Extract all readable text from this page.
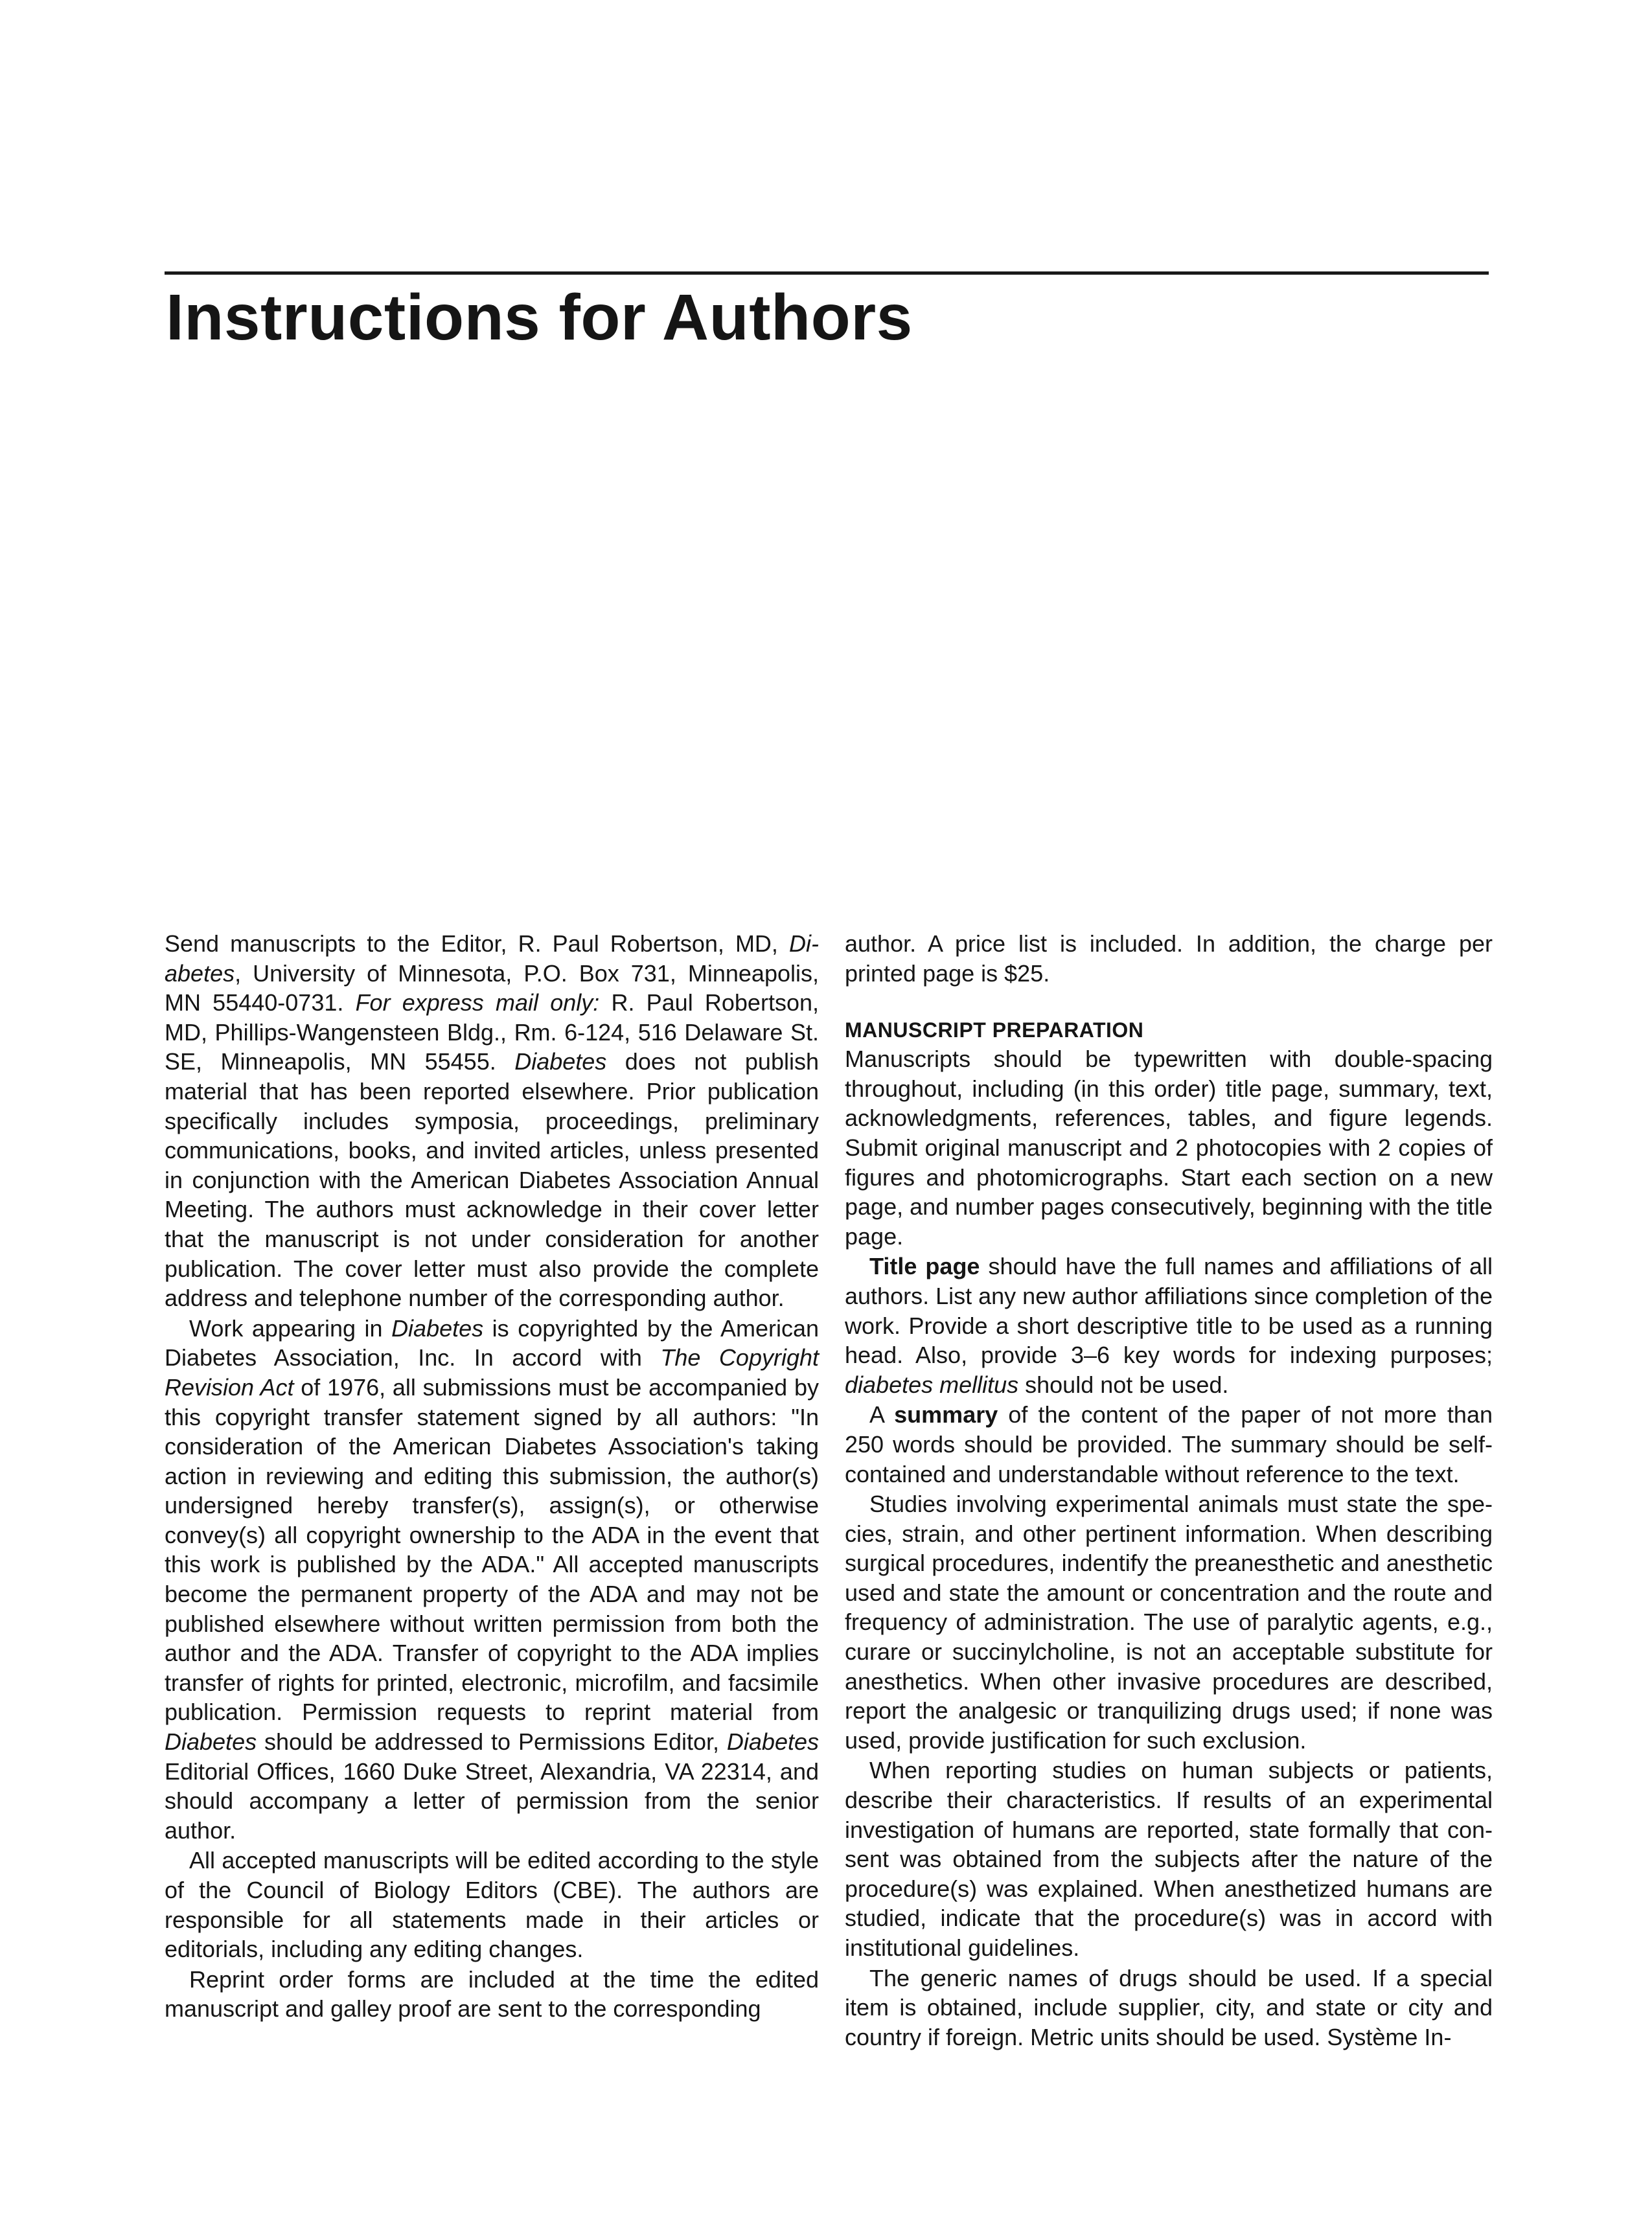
Instructions for Authors

Send manuscripts to the Editor, R. Paul Robertson, MD, Diabetes, University of Minnesota, P.O. Box 731, Minneapolis, MN 55440-0731. For express mail only: R. Paul Robertson, MD, Phillips-Wangensteen Bldg., Rm. 6-124, 516 Delaware St. SE, Minneapolis, MN 55455. Diabetes does not publish material that has been reported elsewhere. Prior publication specifically includes symposia, proceedings, preliminary communications, books, and invited articles, unless presented in conjunction with the American Diabetes Association Annual Meeting. The authors must acknowledge in their cover letter that the manuscript is not under consideration for another publication. The cover letter must also provide the complete address and telephone number of the corresponding author.

Work appearing in Diabetes is copyrighted by the American Diabetes Association, Inc. In accord with The Copyright Revision Act of 1976, all submissions must be accompanied by this copyright transfer statement signed by all authors: "In consideration of the American Diabetes Association's taking action in reviewing and editing this submission, the author(s) undersigned hereby transfer(s), assign(s), or otherwise convey(s) all copyright ownership to the ADA in the event that this work is published by the ADA." All accepted manuscripts become the permanent property of the ADA and may not be published elsewhere without written permission from both the author and the ADA. Transfer of copyright to the ADA implies transfer of rights for printed, electronic, microfilm, and facsimile publication. Permission requests to reprint material from Diabetes should be addressed to Permissions Editor, Diabetes Editorial Offices, 1660 Duke Street, Alexandria, VA 22314, and should accompany a letter of permission from the senior author.

All accepted manuscripts will be edited according to the style of the Council of Biology Editors (CBE). The authors are responsible for all statements made in their articles or editorials, including any editing changes.

Reprint order forms are included at the time the edited manuscript and galley proof are sent to the corresponding

author. A price list is included. In addition, the charge per printed page is $25.

MANUSCRIPT PREPARATION

Manuscripts should be typewritten with double-spacing throughout, including (in this order) title page, summary, text, acknowledgments, references, tables, and figure legends. Submit original manuscript and 2 photocopies with 2 copies of figures and photomicrographs. Start each section on a new page, and number pages consecutively, beginning with the title page.

Title page should have the full names and affiliations of all authors. List any new author affiliations since completion of the work. Provide a short descriptive title to be used as a running head. Also, provide 3–6 key words for indexing purposes; diabetes mellitus should not be used.

A summary of the content of the paper of not more than 250 words should be provided. The summary should be self-contained and understandable without reference to the text.

Studies involving experimental animals must state the species, strain, and other pertinent information. When describing surgical procedures, indentify the preanesthetic and anesthetic used and state the amount or concentration and the route and frequency of administration. The use of paralytic agents, e.g., curare or succinylcholine, is not an acceptable substitute for anesthetics. When other invasive procedures are described, report the analgesic or tranquilizing drugs used; if none was used, provide justification for such exclusion.

When reporting studies on human subjects or patients, describe their characteristics. If results of an experimental investigation of humans are reported, state formally that consent was obtained from the subjects after the nature of the procedure(s) was explained. When anesthetized humans are studied, indicate that the procedure(s) was in accord with institutional guidelines.

The generic names of drugs should be used. If a special item is obtained, include supplier, city, and state or city and country if foreign. Metric units should be used. Système In-
